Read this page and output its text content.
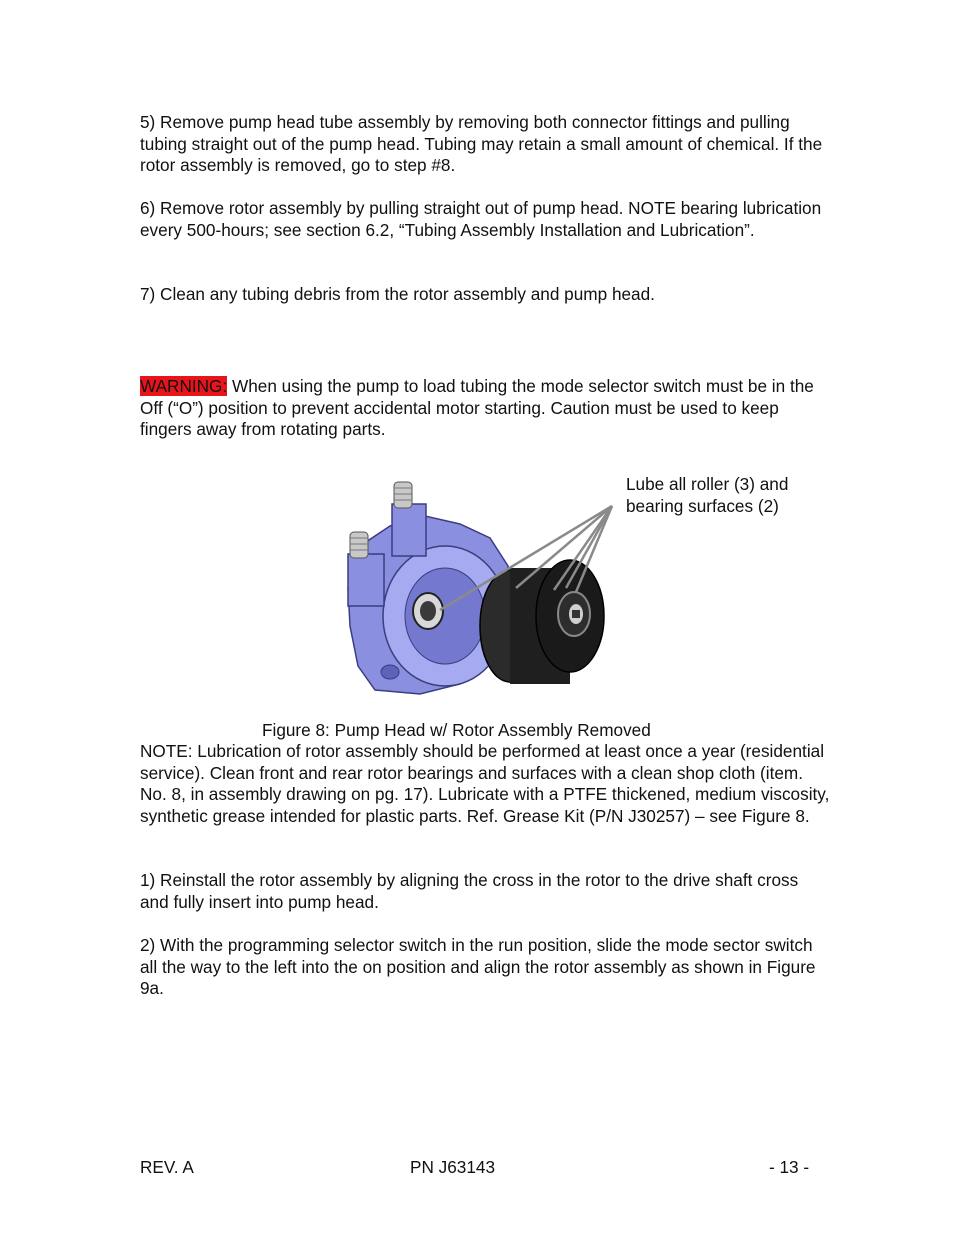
5) Remove pump head tube assembly by removing both connector fittings and pulling tubing straight out of the pump head. Tubing may retain a small amount of chemical. If the rotor assembly is removed, go to step #8.

6) Remove rotor assembly by pulling straight out of pump head. NOTE bearing lubrication every 500-hours; see section 6.2, “Tubing Assembly Installation and Lubrication”.

7) Clean any tubing debris from the rotor assembly and pump head.

WARNING: When using the pump to load tubing the mode selector switch must be in the Off (“O”) position to prevent accidental motor starting. Caution must be used to keep fingers away from rotating parts.

Lube all roller (3) and bearing surfaces (2)

Figure 8: Pump Head w/ Rotor Assembly Removed

NOTE: Lubrication of rotor assembly should be performed at least once a year (residential service). Clean front and rear rotor bearings and surfaces with a clean shop cloth (item. No. 8, in assembly drawing on pg. 17). Lubricate with a PTFE thickened, medium viscosity, synthetic grease intended for plastic parts. Ref. Grease Kit (P/N J30257) – see Figure 8.

1) Reinstall the rotor assembly by aligning the cross in the rotor to the drive shaft cross and fully insert into pump head.

2) With the programming selector switch in the run position, slide the mode sector switch all the way to the left into the on position and align the rotor assembly as shown in Figure 9a.

REV. A	PN J63143	- 13 -
